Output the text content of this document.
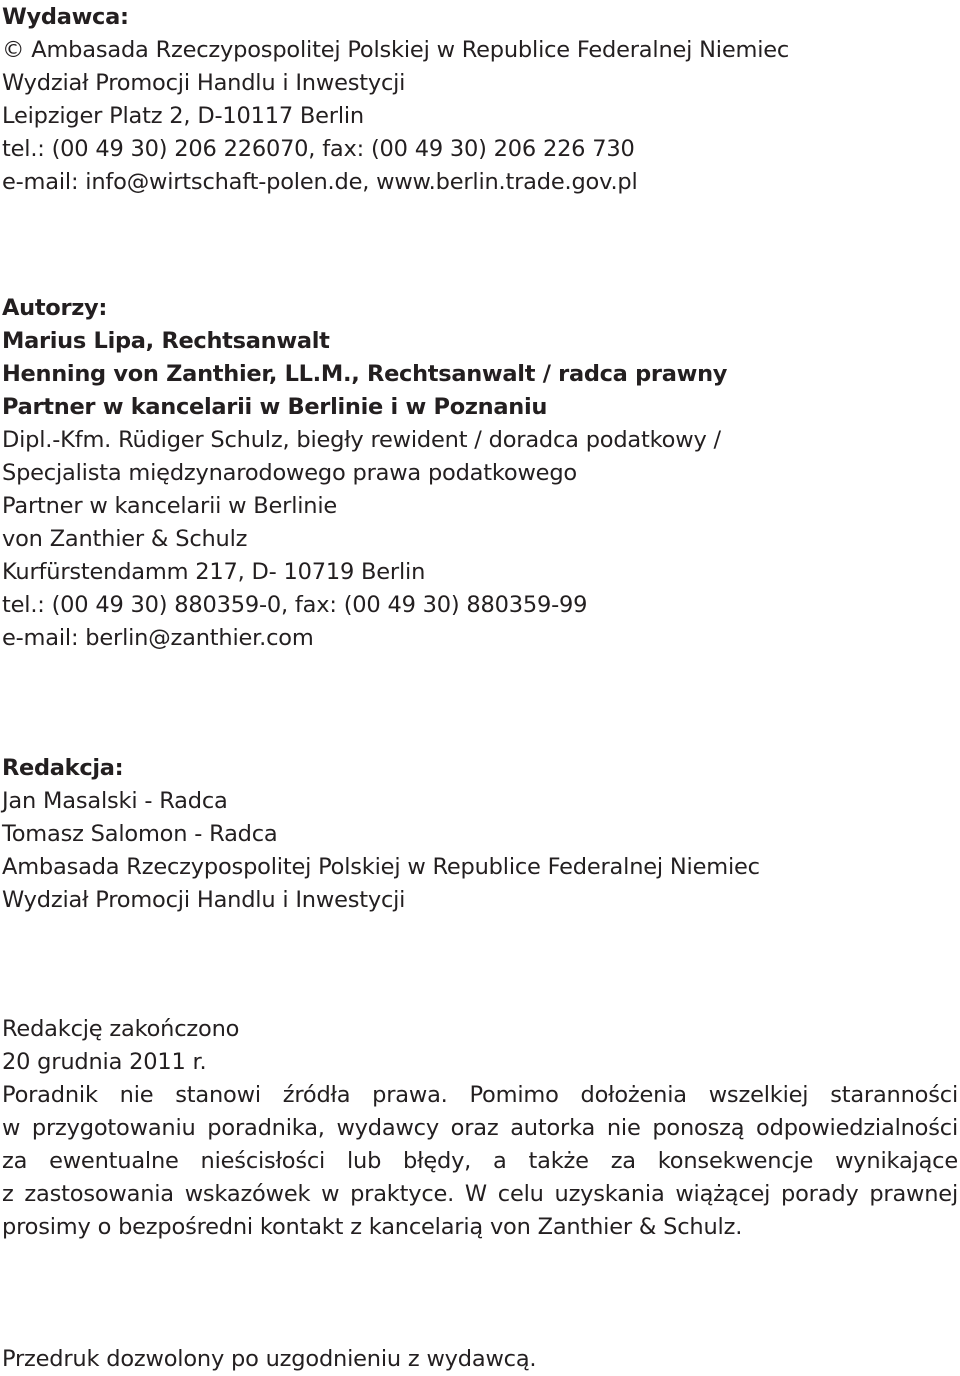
Wydawca:
© Ambasada Rzeczypospolitej Polskiej w Republice Federalnej Niemiec
Wydział Promocji Handlu i Inwestycji
Leipziger Platz 2, D-10117 Berlin
tel.: (00 49 30) 206 226070, fax: (00 49 30) 206 226 730
e-mail: info@wirtschaft-polen.de, www.berlin.trade.gov.pl
Autorzy:
Marius Lipa, Rechtsanwalt
Henning von Zanthier, LL.M., Rechtsanwalt / radca prawny
Partner w kancelarii w Berlinie i w Poznaniu
Dipl.-Kfm. Rüdiger Schulz, biegły rewident / doradca podatkowy /
Specjalista międzynarodowego prawa podatkowego
Partner w kancelarii w Berlinie
von Zanthier & Schulz
Kurfürstendamm 217, D- 10719 Berlin
tel.: (00 49 30) 880359-0, fax: (00 49 30) 880359-99
e-mail: berlin@zanthier.com
Redakcja:
Jan Masalski - Radca
Tomasz Salomon - Radca
Ambasada Rzeczypospolitej Polskiej w Republice Federalnej Niemiec
Wydział Promocji Handlu i Inwestycji
Redakcję zakończono
20 grudnia 2011 r.
Poradnik nie stanowi źródła prawa. Pomimo dołożenia wszelkiej staranności
w przygotowaniu poradnika, wydawcy oraz autorka nie ponoszą odpowiedzialności
za ewentualne nieścisłości lub błędy, a także za konsekwencje wynikające
z zastosowania wskazówek w praktyce. W celu uzyskania wiążącej porady prawnej
prosimy o bezpośredni kontakt z kancelarią von Zanthier & Schulz.
Przedruk dozwolony po uzgodnieniu z wydawcą.
